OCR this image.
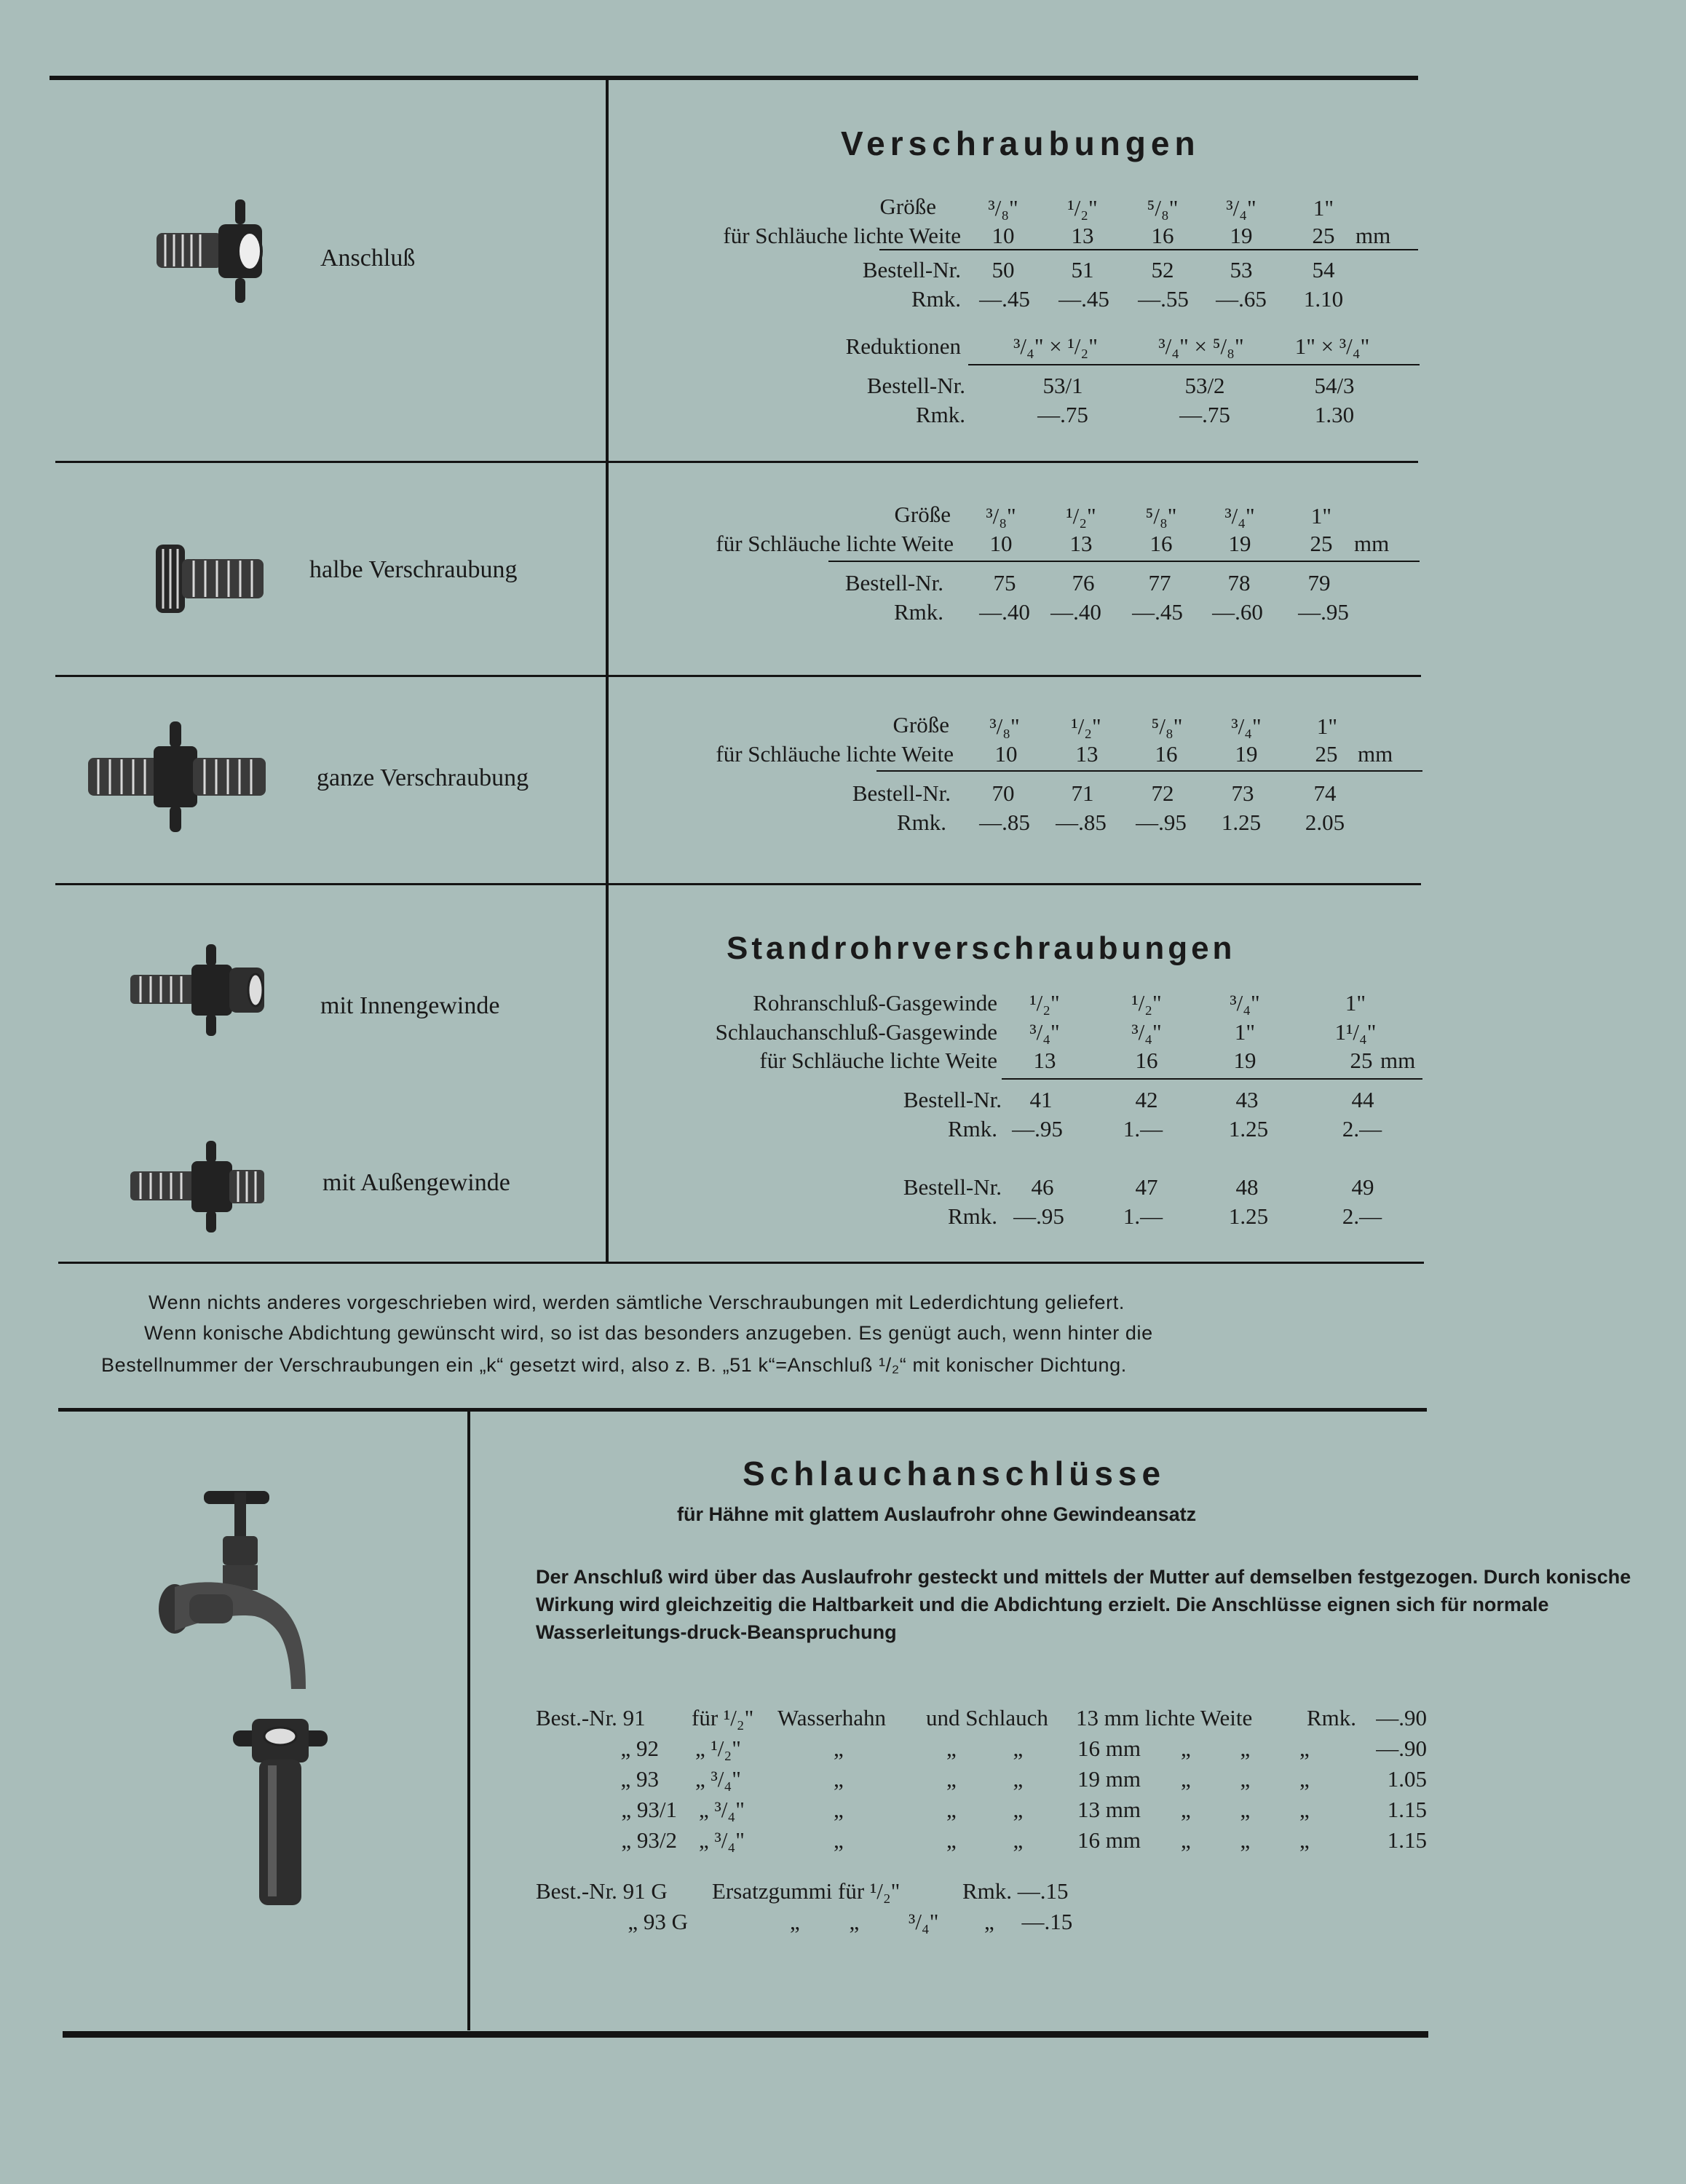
Verschraubungen
Anschluß
Größe
für Schläuche lichte Weite
Bestell-Nr.
Rmk.
³/₈"	¹/₂"	⁵/₈"	³/₄"	1"
10	13	16	19	25 mm
50	51	52	53	54
—.45	—.45	—.55	—.65	1.10
Reduktionen	³/₄" × ¹/₂"	³/₄" × ⁵/₈"	1" × ³/₄"
Bestell-Nr.
Rmk.
53/1	53/2	54/3
—.75	—.75	1.30
halbe Verschraubung
Größe
für Schläuche lichte Weite
Bestell-Nr.
Rmk.
³/₈"	¹/₂"	⁵/₈"	³/₄"	1"
10	13	16	19	25 mm
75	76	77	78	79
—.40 —.40	—.45	—.60	—.95
ganze Verschraubung
Größe
für Schläuche lichte Weite
Bestell-Nr.
Rmk.
³/₈"	¹/₂"	⁵/₈"	³/₄"	1"
10	13	16	19	25 mm
70	71	72	73	74
—.85	—.85	—.95	1.25	2.05
Standrohrverschraubungen
mit Innengewinde
mit Außengewinde
Rohranschluß-Gasgewinde
Schlauchanschluß-Gasgewinde
für Schläuche lichte Weite
Bestell-Nr.
Rmk.
Bestell-Nr.
Rmk.
¹/₂"	¹/₂"	³/₄"	1"
³/₄"	³/₄"	1"	1¹/₄"
13	16	19	25 mm
41	42	43	44
—.95	1.—	1.25	2.—
46	47	48	49
—.95	1.—	1.25	2.—
Wenn nichts anderes vorgeschrieben wird, werden sämtliche Verschraubungen mit Lederdichtung geliefert.
Wenn konische Abdichtung gewünscht wird, so ist das besonders anzugeben. Es genügt auch, wenn hinter die
Bestellnummer der Verschraubungen ein „k“ gesetzt wird, also z. B. „51 k“=Anschluß ¹/₂“ mit konischer Dichtung.
Schlauchanschlüsse
für Hähne mit glattem Auslaufrohr ohne Gewindeansatz
Der Anschluß wird über das Auslaufrohr gesteckt und mittels der Mutter auf demselben festgezogen. Durch konische Wirkung wird gleichzeitig die Haltbarkeit und die Abdichtung erzielt. Die Anschlüsse eignen sich für normale Wasserleitungs-druck-Beanspruchung
Best.-Nr. 91 für ¹/₂" Wasserhahn und Schlauch 13 mm lichte Weite Rmk. —.90
„ 92 „ ¹/₂"	„	„ „ 16 mm „ „ „	—.90
„ 93 „ ³/₄"	„	„ „ 19 mm „ „ „	1.05
„ 93/1 „ ³/₄"	„	„ „ 13 mm „ „ „	1.15
„ 93/2 „ ³/₄"	„	„ „ 16 mm „ „ „	1.15
Best.-Nr. 91 G Ersatzgummi für ¹/₂"	Rmk. —.15
„ 93 G	„ „ ³/₄" „ —.15
